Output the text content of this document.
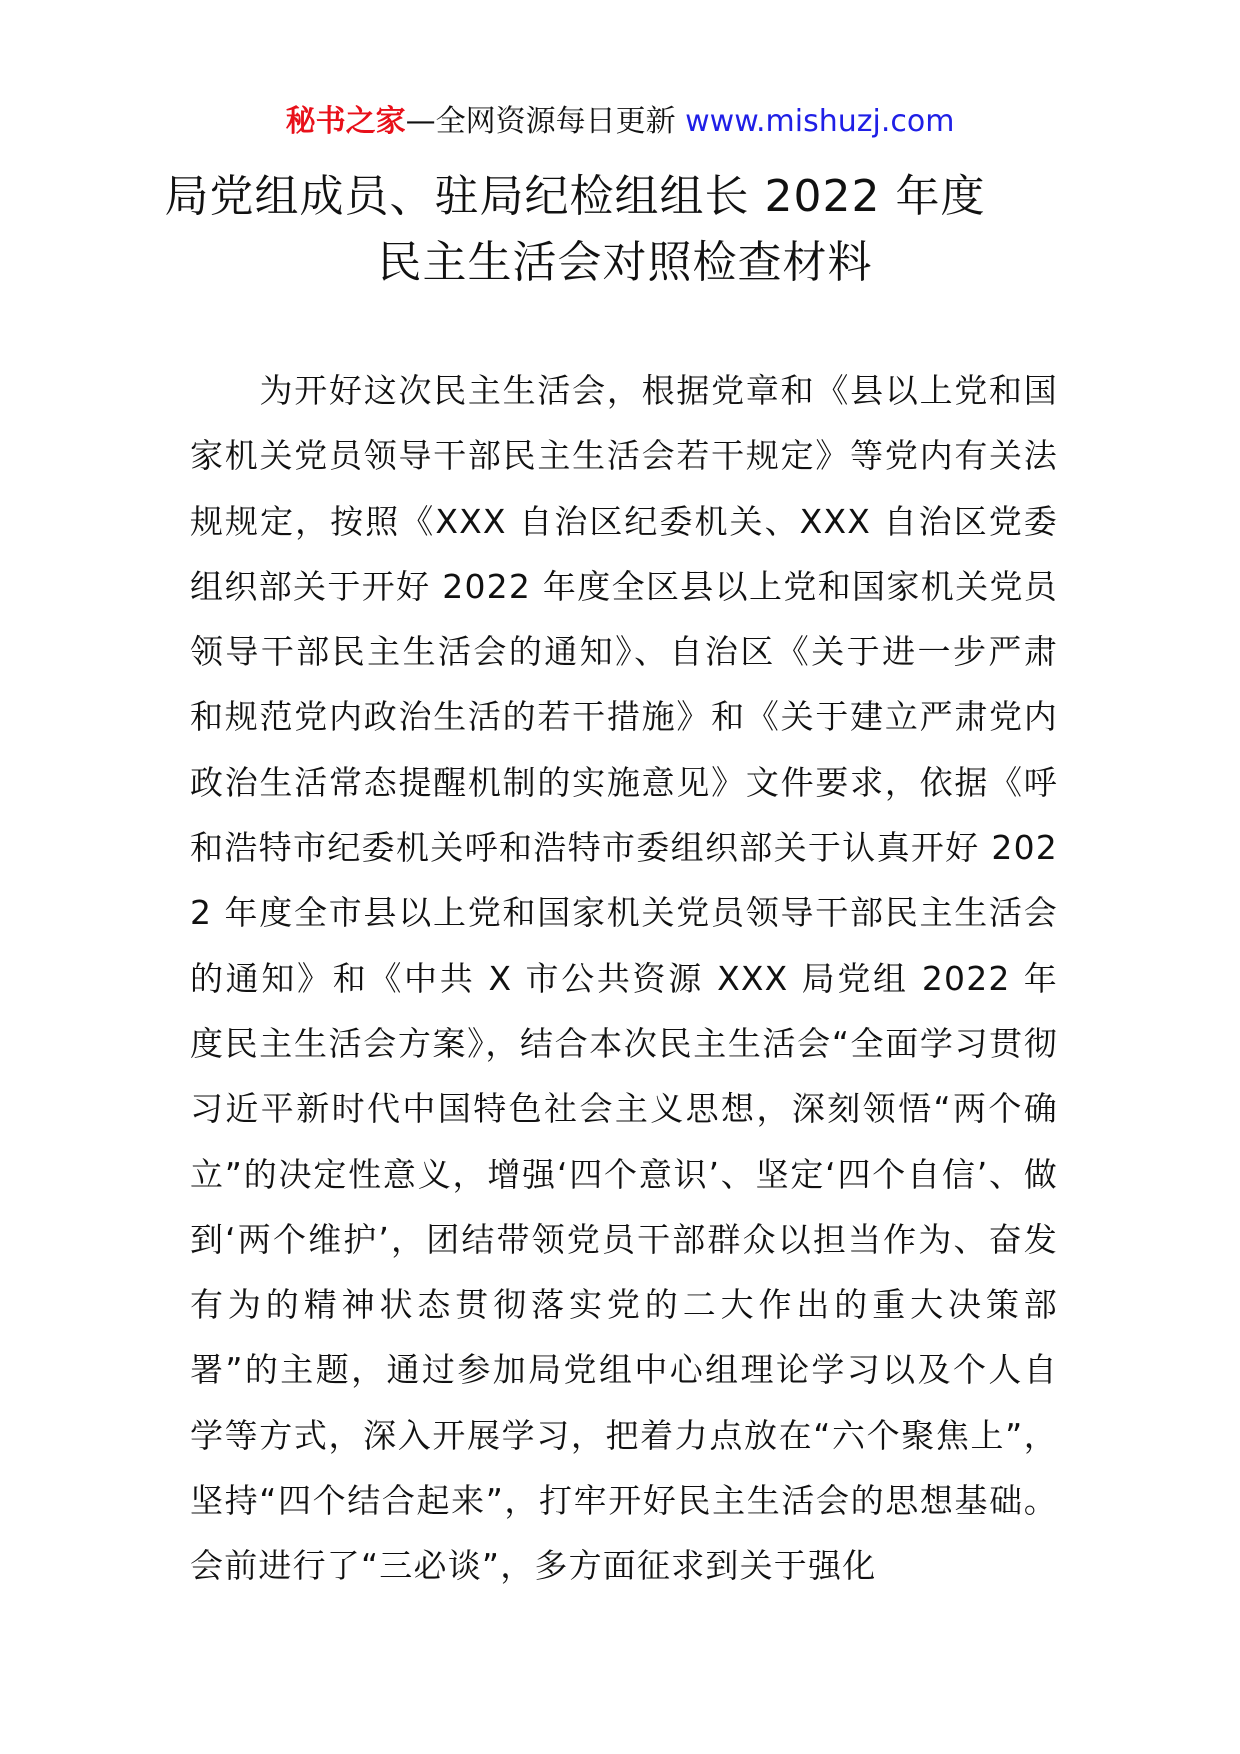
秘书之家—全网资源每日更新 www.mishuzj.com
局党组成员、驻局纪检组组长 2022 年度
民主生活会对照检查材料

　　为开好这次民主生活会，根据党章和《县以上党和国家机关党员领导干部民主生活会若干规定》等党内有关法规规定，按照《XXX 自治区纪委机关、XXX 自治区党委组织部关于开好 2022 年度全区县以上党和国家机关党员领导干部民主生活会的通知》、自治区《关于进一步严肃和规范党内政治生活的若干措施》和《关于建立严肃党内政治生活常态提醒机制的实施意见》文件要求，依据《呼和浩特市纪委机关呼和浩特市委组织部关于认真开好 2022 年度全市县以上党和国家机关党员领导干部民主生活会的通知》和《中共 X 市公共资源 XXX 局党组 2022 年度民主生活会方案》，结合本次民主生活会“全面学习贯彻习近平新时代中国特色社会主义思想，深刻领悟“两个确立”的决定性意义，增强‘四个意识’、坚定‘四个自信’、做到‘两个维护’，团结带领党员干部群众以担当作为、奋发有为的精神状态贯彻落实党的二大作出的重大决策部署”的主题，通过参加局党组中心组理论学习以及个人自学等方式，深入开展学习，把着力点放在“六个聚焦上”，坚持“四个结合起来”，打牢开好民主生活会的思想基础。会前进行了“三必谈”，多方面征求到关于强化
